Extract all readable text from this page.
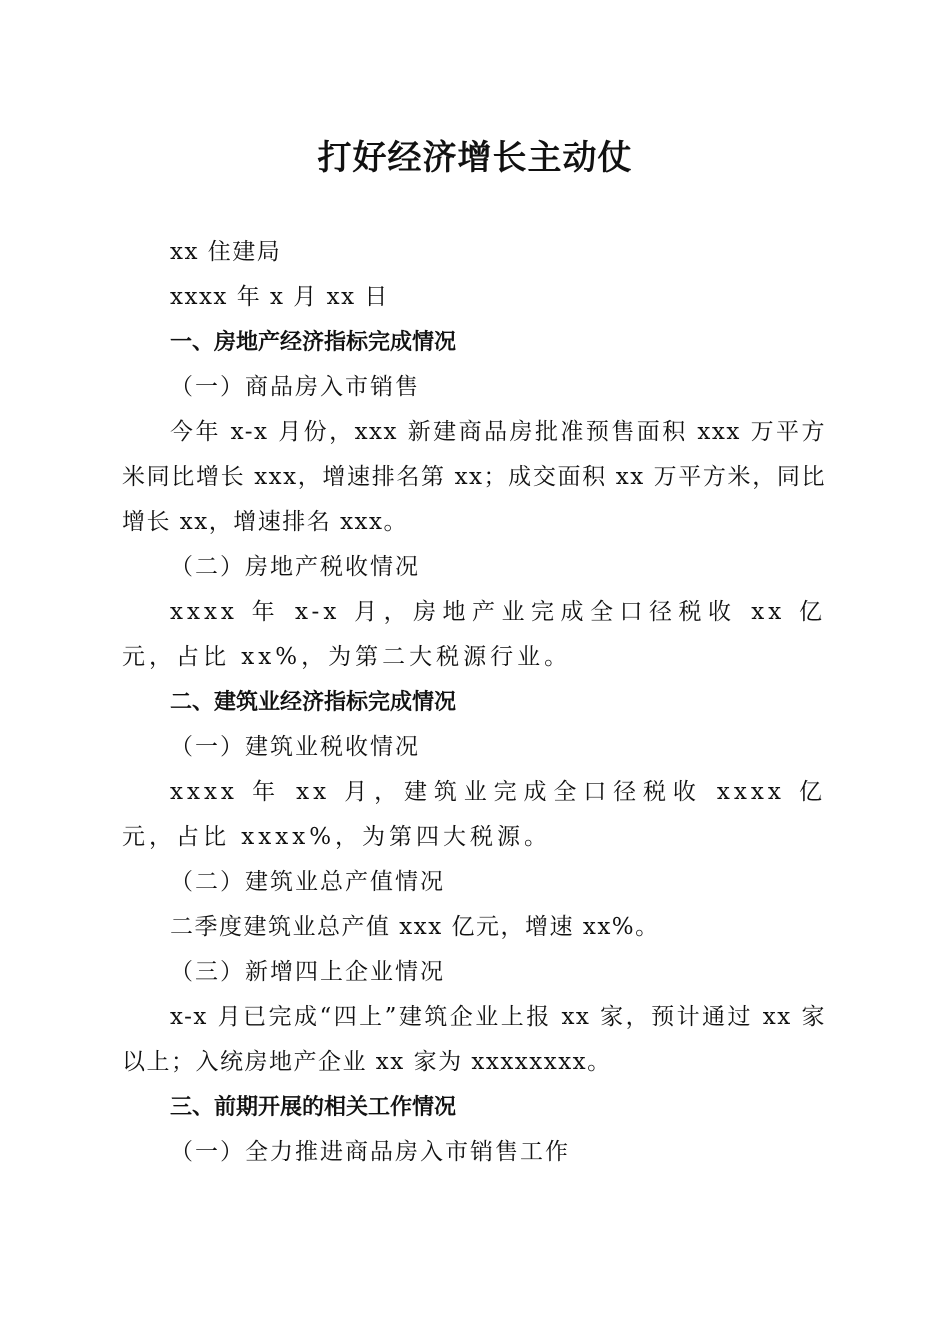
打好经济增长主动仗

xx 住建局

xxxx 年 x 月 xx 日

一、房地产经济指标完成情况

（一）商品房入市销售

今年 x-x 月份，xxx 新建商品房批准预售面积 xxx 万平方米同比增长 xxx，增速排名第 xx；成交面积 xx 万平方米，同比增长 xx，增速排名 xxx。

（二）房地产税收情况

xxxx 年 x-x 月，房地产业完成全口径税收 xx 亿元，占比 xx%，为第二大税源行业。

二、建筑业经济指标完成情况

（一）建筑业税收情况

xxxx 年 xx 月，建筑业完成全口径税收 xxxx 亿元，占比 xxxx%，为第四大税源。

（二）建筑业总产值情况

二季度建筑业总产值 xxx 亿元，增速 xx%。

（三）新增四上企业情况

x-x 月已完成“四上”建筑企业上报 xx 家，预计通过 xx 家以上；入统房地产企业 xx 家为 xxxxxxxx。

三、前期开展的相关工作情况

（一）全力推进商品房入市销售工作
